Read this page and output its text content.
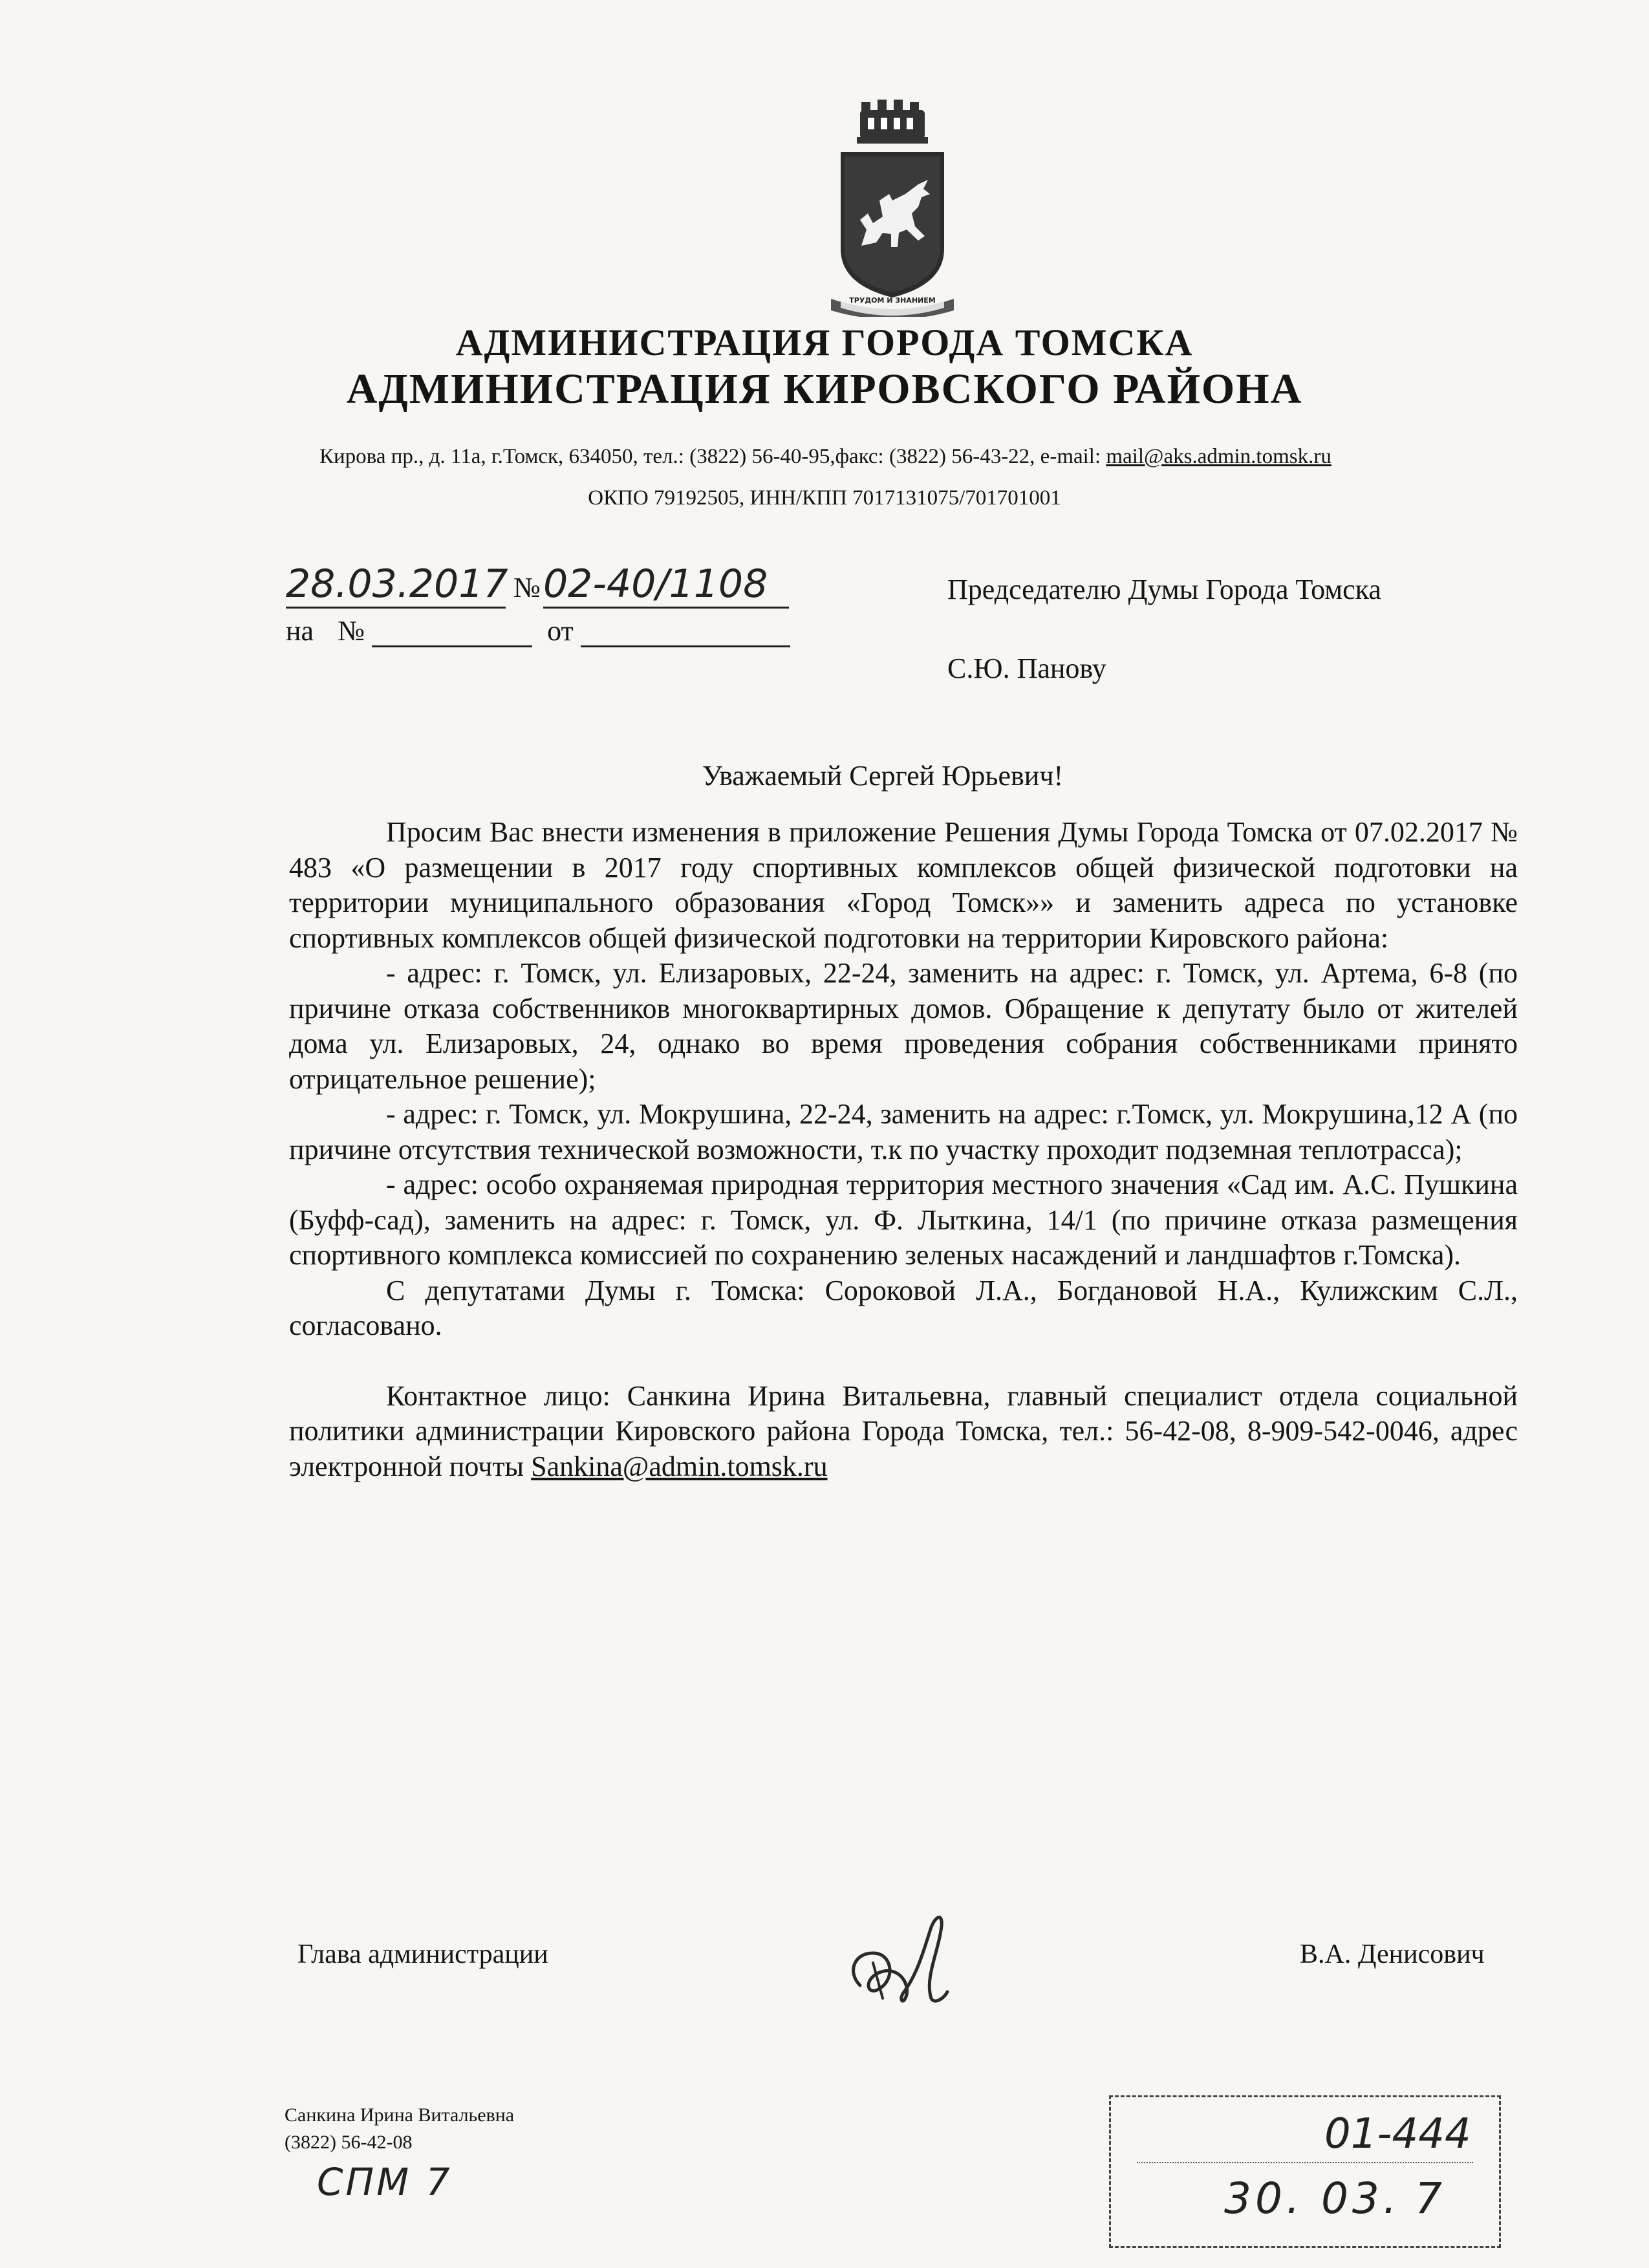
ТРУДОМ И ЗНАНИЕМ
АДМИНИСТРАЦИЯ ГОРОДА ТОМСКА
АДМИНИСТРАЦИЯ КИРОВСКОГО РАЙОНА
Кирова пр., д. 11а, г.Томск, 634050, тел.: (3822) 56-40-95,факс: (3822) 56-43-22, e-mail: mail@aks.admin.tomsk.ru
ОКПО 79192505, ИНН/КПП 7017131075/701701001
28.03.2017 № 02-40/1108
на №	от
Председателю Думы Города Томска
С.Ю. Панову
Уважаемый Сергей Юрьевич!

Просим Вас внести изменения в приложение Решения Думы Города Томска от 07.02.2017 № 483 «О размещении в 2017 году спортивных комплексов общей физической подготовки на территории муниципального образования «Город Томск»» и заменить адреса по установке спортивных комплексов общей физической подготовки на территории Кировского района:

- адрес: г. Томск, ул. Елизаровых, 22-24, заменить на адрес: г. Томск, ул. Артема, 6-8 (по причине отказа собственников многоквартирных домов. Обращение к депутату было от жителей дома ул. Елизаровых, 24, однако во время проведения собрания собственниками принято отрицательное решение);

- адрес: г. Томск, ул. Мокрушина, 22-24, заменить на адрес: г.Томск, ул. Мокрушина,12 А (по причине отсутствия технической возможности, т.к по участку проходит подземная теплотрасса);

- адрес: особо охраняемая природная территория местного значения «Сад им. А.С. Пушкина (Буфф-сад), заменить на адрес: г. Томск, ул. Ф. Лыткина, 14/1 (по причине отказа размещения спортивного комплекса комиссией по сохранению зеленых насаждений и ландшафтов г.Томска).

С депутатами Думы г. Томска: Сороковой Л.А., Богдановой Н.А., Кулижским С.Л., согласовано.

Контактное лицо: Санкина Ирина Витальевна, главный специалист отдела социальной политики администрации Кировского района Города Томска, тел.: 56-42-08, 8-909-542-0046, адрес электронной почты Sankina@admin.tomsk.ru

Глава администрации	В.А. Денисович
Санкина Ирина Витальевна
(3822) 56-42-08
СПМ 7
01-444
30. 03. 7
